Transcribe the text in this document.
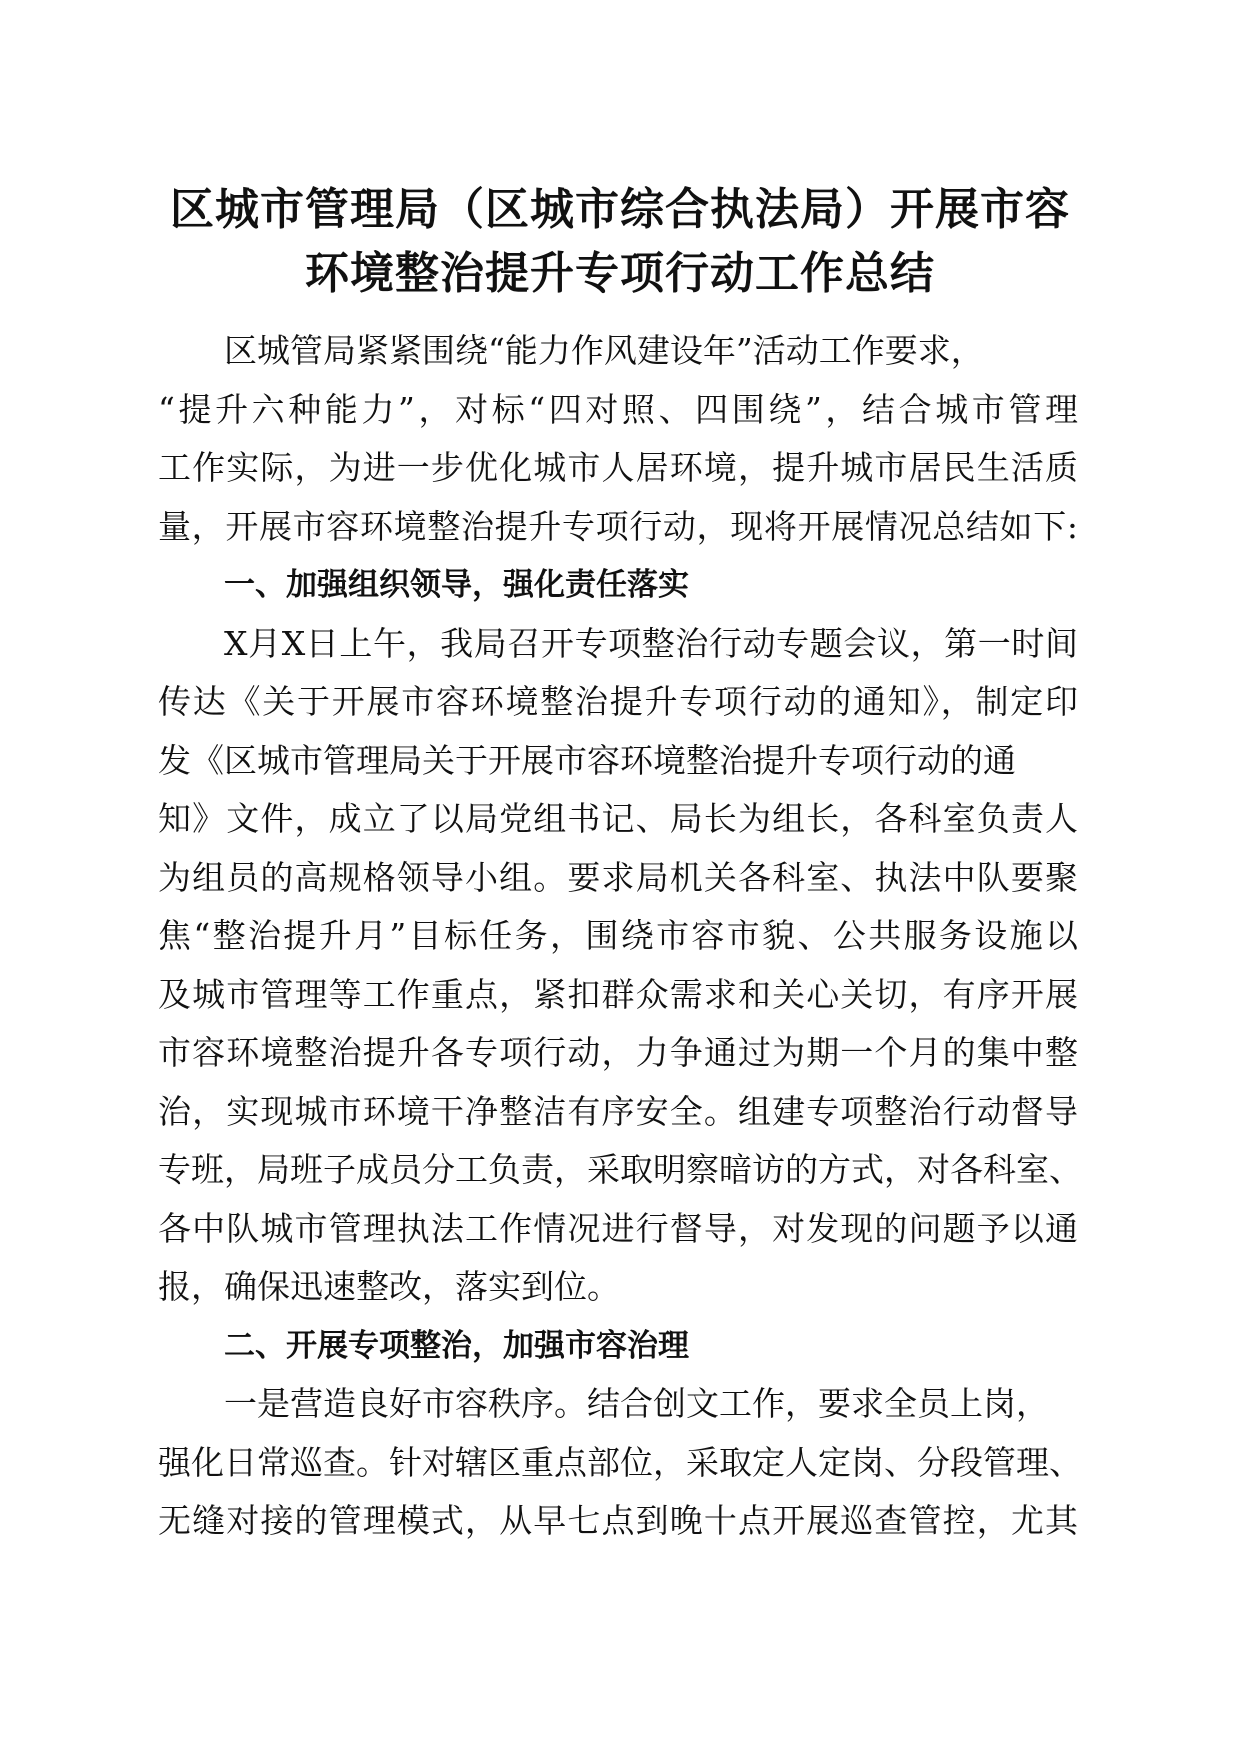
区城市管理局（区城市综合执法局）开展市容
环境整治提升专项行动工作总结
区城管局紧紧围绕“能力作风建设年”活动工作要求，
“提升六种能力”，对标“四对照、四围绕”，结合城市管理
工作实际，为进一步优化城市人居环境，提升城市居民生活质
量，开展市容环境整治提升专项行动，现将开展情况总结如下:
一、加强组织领导，强化责任落实
X月X日上午，我局召开专项整治行动专题会议，第一时间
传达《关于开展市容环境整治提升专项行动的通知》，制定印
发《区城市管理局关于开展市容环境整治提升专项行动的通
知》文件，成立了以局党组书记、局长为组长，各科室负责人
为组员的高规格领导小组。要求局机关各科室、执法中队要聚
焦“整治提升月”目标任务，围绕市容市貌、公共服务设施以
及城市管理等工作重点，紧扣群众需求和关心关切，有序开展
市容环境整治提升各专项行动，力争通过为期一个月的集中整
治，实现城市环境干净整洁有序安全。组建专项整治行动督导
专班，局班子成员分工负责，采取明察暗访的方式，对各科室、
各中队城市管理执法工作情况进行督导，对发现的问题予以通
报，确保迅速整改，落实到位。
二、开展专项整治，加强市容治理
一是营造良好市容秩序。结合创文工作，要求全员上岗，
强化日常巡查。针对辖区重点部位，采取定人定岗、分段管理、
无缝对接的管理模式，从早七点到晚十点开展巡查管控，尤其
